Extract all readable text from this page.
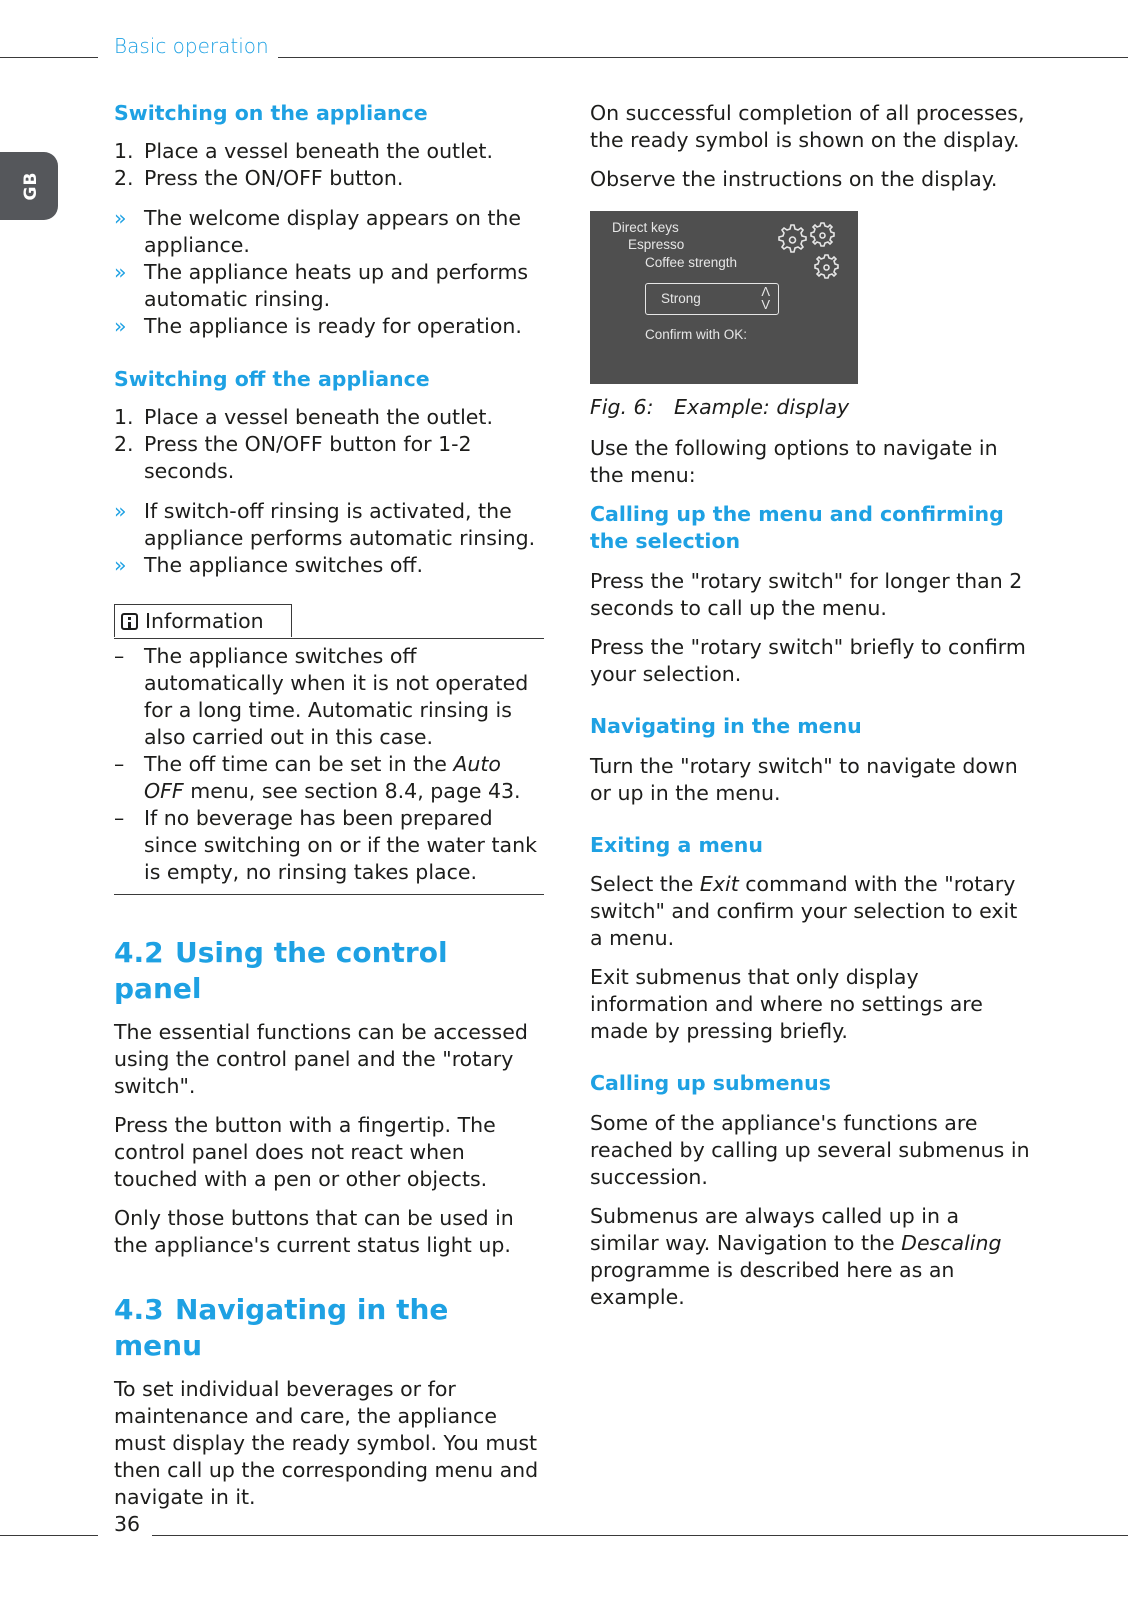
Basic operation
GB
Switching on the appliance
1. Place a vessel beneath the outlet.
2. Press the ON/OFF button.
» The welcome display appears on the appliance.
» The appliance heats up and performs automatic rinsing.
» The appliance is ready for operation.
Switching off the appliance
1. Place a vessel beneath the outlet.
2. Press the ON/OFF button for 1-2 seconds.
» If switch-off rinsing is activated, the appliance performs automatic rinsing.
» The appliance switches off.
Information
– The appliance switches off automatically when it is not operated for a long time. Automatic rinsing is also carried out in this case.
– The off time can be set in the Auto OFF menu, see section 8.4, page 43.
– If no beverage has been prepared since switching on or if the water tank is empty, no rinsing takes place.
4.2 Using the control panel

The essential functions can be accessed using the control panel and the "rotary switch".

Press the button with a fingertip. The control panel does not react when touched with a pen or other objects.

Only those buttons that can be used in the appliance's current status light up.

4.3 Navigating in the menu

To set individual beverages or for maintenance and care, the appliance must display the ready symbol. You must then call up the corresponding menu and navigate in it.

On successful completion of all processes, the ready symbol is shown on the display.

Observe the instructions on the display.

Direct keys
Espresso
Coffee strength
Strong	Λ
V
Confirm with OK:
Fig. 6: Example: display

Use the following options to navigate in the menu:

Calling up the menu and confirming the selection

Press the "rotary switch" for longer than 2 seconds to call up the menu.

Press the "rotary switch" briefly to confirm your selection.

Navigating in the menu

Turn the "rotary switch" to navigate down or up in the menu.

Exiting a menu

Select the Exit command with the "rotary switch" and confirm your selection to exit a menu.

Exit submenus that only display information and where no settings are made by pressing briefly.

Calling up submenus

Some of the appliance's functions are reached by calling up several submenus in succession.

Submenus are always called up in a similar way. Navigation to the Descaling programme is described here as an example.

36
